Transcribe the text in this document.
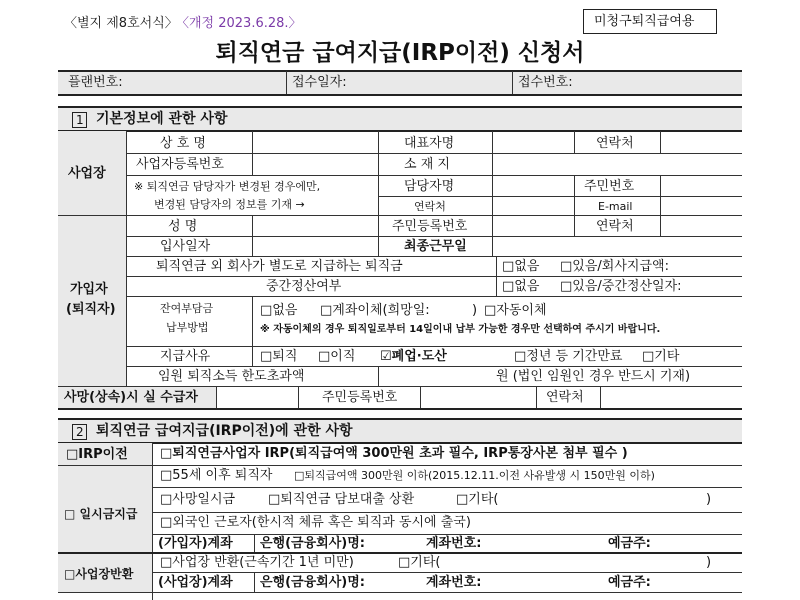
〈별지 제8호서식〉
〈개정 2023.6.28.〉	미청구퇴직급여용
퇴직연금 급여지급(IRP이전) 신청서
플랜번호:	접수일자:	접수번호:
1 기본정보에 관한 사항
사업장
상 호 명	대표자명	연락처
사업자등록번호	소 재 지
※ 퇴직연금 담당자가 변경된 경우에만,
변경된 담당자의 정보를 기재 →
담당자명	주민번호
연락처	E-mail
가입자
(퇴직자)
성 명	주민등록번호	연락처
입사일자	최종근무일
퇴직연금 외 회사가 별도로 지급하는 퇴직금	□없음 □있음/회사지급액:
중간정산여부	□없음 □있음/중간정산일자:
잔여부담금
납부방법
□없음 □계좌이체(희망일:	) □자동이체
※ 자동이체의 경우 퇴직일로부터 14일이내 납부 가능한 경우만 선택하여 주시기 바랍니다.
지급사유	□퇴직 □이직 ☑폐업·도산	□정년 등 기간만료 □기타
임원 퇴직소득 한도초과액	원 (법인 임원인 경우 반드시 기재)
사망(상속)시 실 수급자	주민등록번호	연락처
2 퇴직연금 급여지급(IRP이전)에 관한 사항
□IRP이전 □퇴직연금사업자 IRP(퇴직급여액 300만원 초과 필수, IRP통장사본 첨부 필수 )
□ 일시금지급
□55세 이후 퇴직자 □퇴직급여액 300만원 이하(2015.12.11.이전 사유발생 시 150만원 이하)
□사망일시금	□퇴직연금 담보대출 상환	□기타(	)
□외국인 근로자(한시적 체류 혹은 퇴직과 동시에 출국)
(가입자)계좌 은행(금융회사)명:	계좌번호:	예금주:
□사업장반환
□사업장 반환(근속기간 1년 미만)	□기타(	)
(사업장)계좌 은행(금융회사)명:	계좌번호:	예금주:
